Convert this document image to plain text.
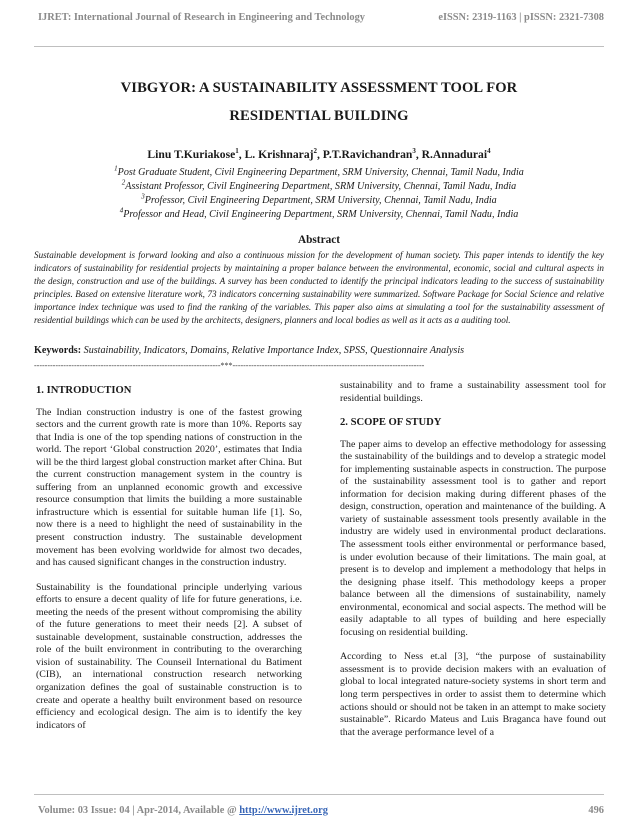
IJRET: International Journal of Research in Engineering and Technology	eISSN: 2319-1163 | pISSN: 2321-7308
VIBGYOR: A SUSTAINABILITY ASSESSMENT TOOL FOR
RESIDENTIAL BUILDING
Linu T.Kuriakose$^1$, L. Krishnaraj$^2$, P.T.Ravichandran$^3$, R.Annadurai$^4$
$^1$Post Graduate Student, Civil Engineering Department, SRM University, Chennai, Tamil Nadu, India
$^2$Assistant Professor, Civil Engineering Department, SRM University, Chennai, Tamil Nadu, India
$^3$Professor, Civil Engineering Department, SRM University, Chennai, Tamil Nadu, India
$^4$Professor and Head, Civil Engineering Department, SRM University, Chennai, Tamil Nadu, India
Abstract
Sustainable development is forward looking and also a continuous mission for the development of human society. This paper intends to identify the key indicators of sustainability for residential projects by maintaining a proper balance between the environmental, economic, social and cultural aspects in the design, construction and use of the buildings. A survey has been conducted to identify the principal indicators leading to the success of sustainability principles. Based on extensive literature work, 73 indicators concerning sustainability were summarized. Software Package for Social Science and relative importance index technique was used to find the ranking of the variables. This paper also aims at simulating a tool for the sustainability assessment of residential buildings which can be used by the architects, designers, planners and local bodies as well as it acts as a auditing tool.
Keywords: Sustainability, Indicators, Domains, Relative Importance Index, SPSS, Questionnaire Analysis
----------------------------------------------------------------------***------------------------------------------------------------------------
1. INTRODUCTION

The Indian construction industry is one of the fastest growing sectors and the current growth rate is more than 10%. Reports say that India is one of the top spending nations of construction in the world. The report ‘Global construction 2020’, estimates that India will be the third largest global construction market after China. But the current construction management system in the country is suffering from an unplanned economic growth and excessive resource consumption that limits the building a more sustainable infrastructure which is essential for suitable human life [1]. So, now there is a need to highlight the need of sustainability in the present construction industry. The sustainable development movement has been evolving worldwide for almost two decades, and has caused significant changes in the construction industry.

Sustainability is the foundational principle underlying various efforts to ensure a decent quality of life for future generations, i.e. meeting the needs of the present without compromising the ability of the future generations to meet their needs [2]. A subset of sustainable development, sustainable construction, addresses the role of the built environment in contributing to the overarching vision of sustainability. The Counseil International du Batiment (CIB), an international construction research networking organization defines the goal of sustainable construction is to create and operate a healthy built environment based on resource efficiency and ecological design. The aim is to identify the key indicators of

sustainability and to frame a sustainability assessment tool for residential buildings.

2. SCOPE OF STUDY

The paper aims to develop an effective methodology for assessing the sustainability of the buildings and to develop a strategic model for implementing sustainable aspects in construction. The purpose of the sustainability assessment tool is to gather and report information for decision making during different phases of the design, construction, operation and maintenance of the building. A variety of sustainable assessment tools presently available in the industry are widely used in environmental product declarations. The assessment tools either environmental or performance based, is under evolution because of their limitations. The main goal, at present is to develop and implement a methodology that helps in the designing phase itself. This methodology keeps a proper balance between all the dimensions of sustainability, namely environmental, economical and social aspects. The method will be easily adaptable to all types of building and here especially focusing on residential building.

According to Ness et.al [3], “the purpose of sustainability assessment is to provide decision makers with an evaluation of global to local integrated nature-society systems in short term and long term perspectives in order to assist them to determine which actions should or should not be taken in an attempt to make society sustainable”. Ricardo Mateus and Luis Braganca have found out that the average performance level of a

Volume: 03 Issue: 04 | Apr-2014, Available @ http://www.ijret.org	496
